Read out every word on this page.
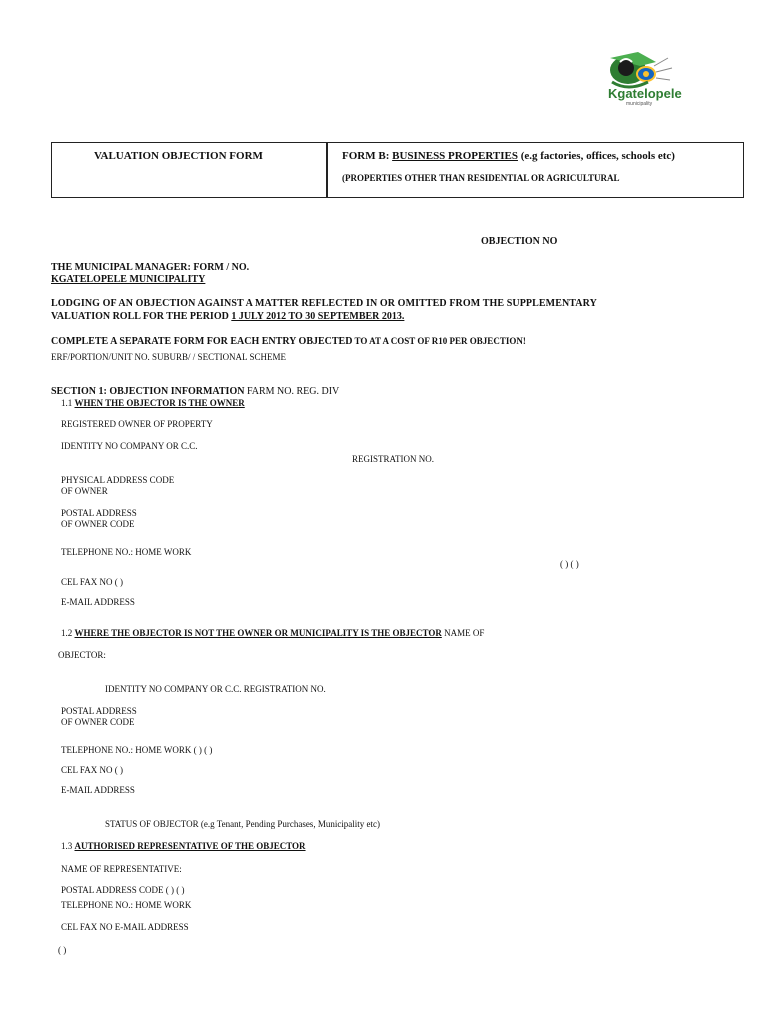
Kgatelopele
municipality
VALUATION OBJECTION FORM	FORM B: BUSINESS PROPERTIES (e.g factories, offices, schools etc)
(PROPERTIES OTHER THAN RESIDENTIAL OR AGRICULTURAL
OBJECTION NO
THE MUNICIPAL MANAGER: FORM / NO.
KGATELOPELE MUNICIPALITY
LODGING OF AN OBJECTION AGAINST A MATTER REFLECTED IN OR OMITTED FROM THE SUPPLEMENTARY
VALUATION ROLL FOR THE PERIOD 1 JULY 2012 TO 30 SEPTEMBER 2013.
COMPLETE A SEPARATE FORM FOR EACH ENTRY OBJECTED TO AT A COST OF R10 PER OBJECTION!
ERF/PORTION/UNIT NO. SUBURB/ / SECTIONAL SCHEME
SECTION 1: OBJECTION INFORMATION FARM NO. REG. DIV
1.1 WHEN THE OBJECTOR IS THE OWNER
REGISTERED OWNER OF PROPERTY
IDENTITY NO COMPANY OR C.C.
REGISTRATION NO.
PHYSICAL ADDRESS CODE
OF OWNER
POSTAL ADDRESS
OF OWNER CODE
TELEPHONE NO.: HOME WORK
( ) ( )
CEL FAX NO ( )
E-MAIL ADDRESS
1.2 WHERE THE OBJECTOR IS NOT THE OWNER OR MUNICIPALITY IS THE OBJECTOR NAME OF
OBJECTOR:
IDENTITY NO COMPANY OR C.C. REGISTRATION NO.
POSTAL ADDRESS
OF OWNER CODE
TELEPHONE NO.: HOME WORK ( ) ( )
CEL FAX NO ( )
E-MAIL ADDRESS
STATUS OF OBJECTOR (e.g Tenant, Pending Purchases, Municipality etc)
1.3 AUTHORISED REPRESENTATIVE OF THE OBJECTOR
NAME OF REPRESENTATIVE:
POSTAL ADDRESS CODE ( ) ( )
TELEPHONE NO.: HOME WORK
CEL FAX NO E-MAIL ADDRESS
( )
